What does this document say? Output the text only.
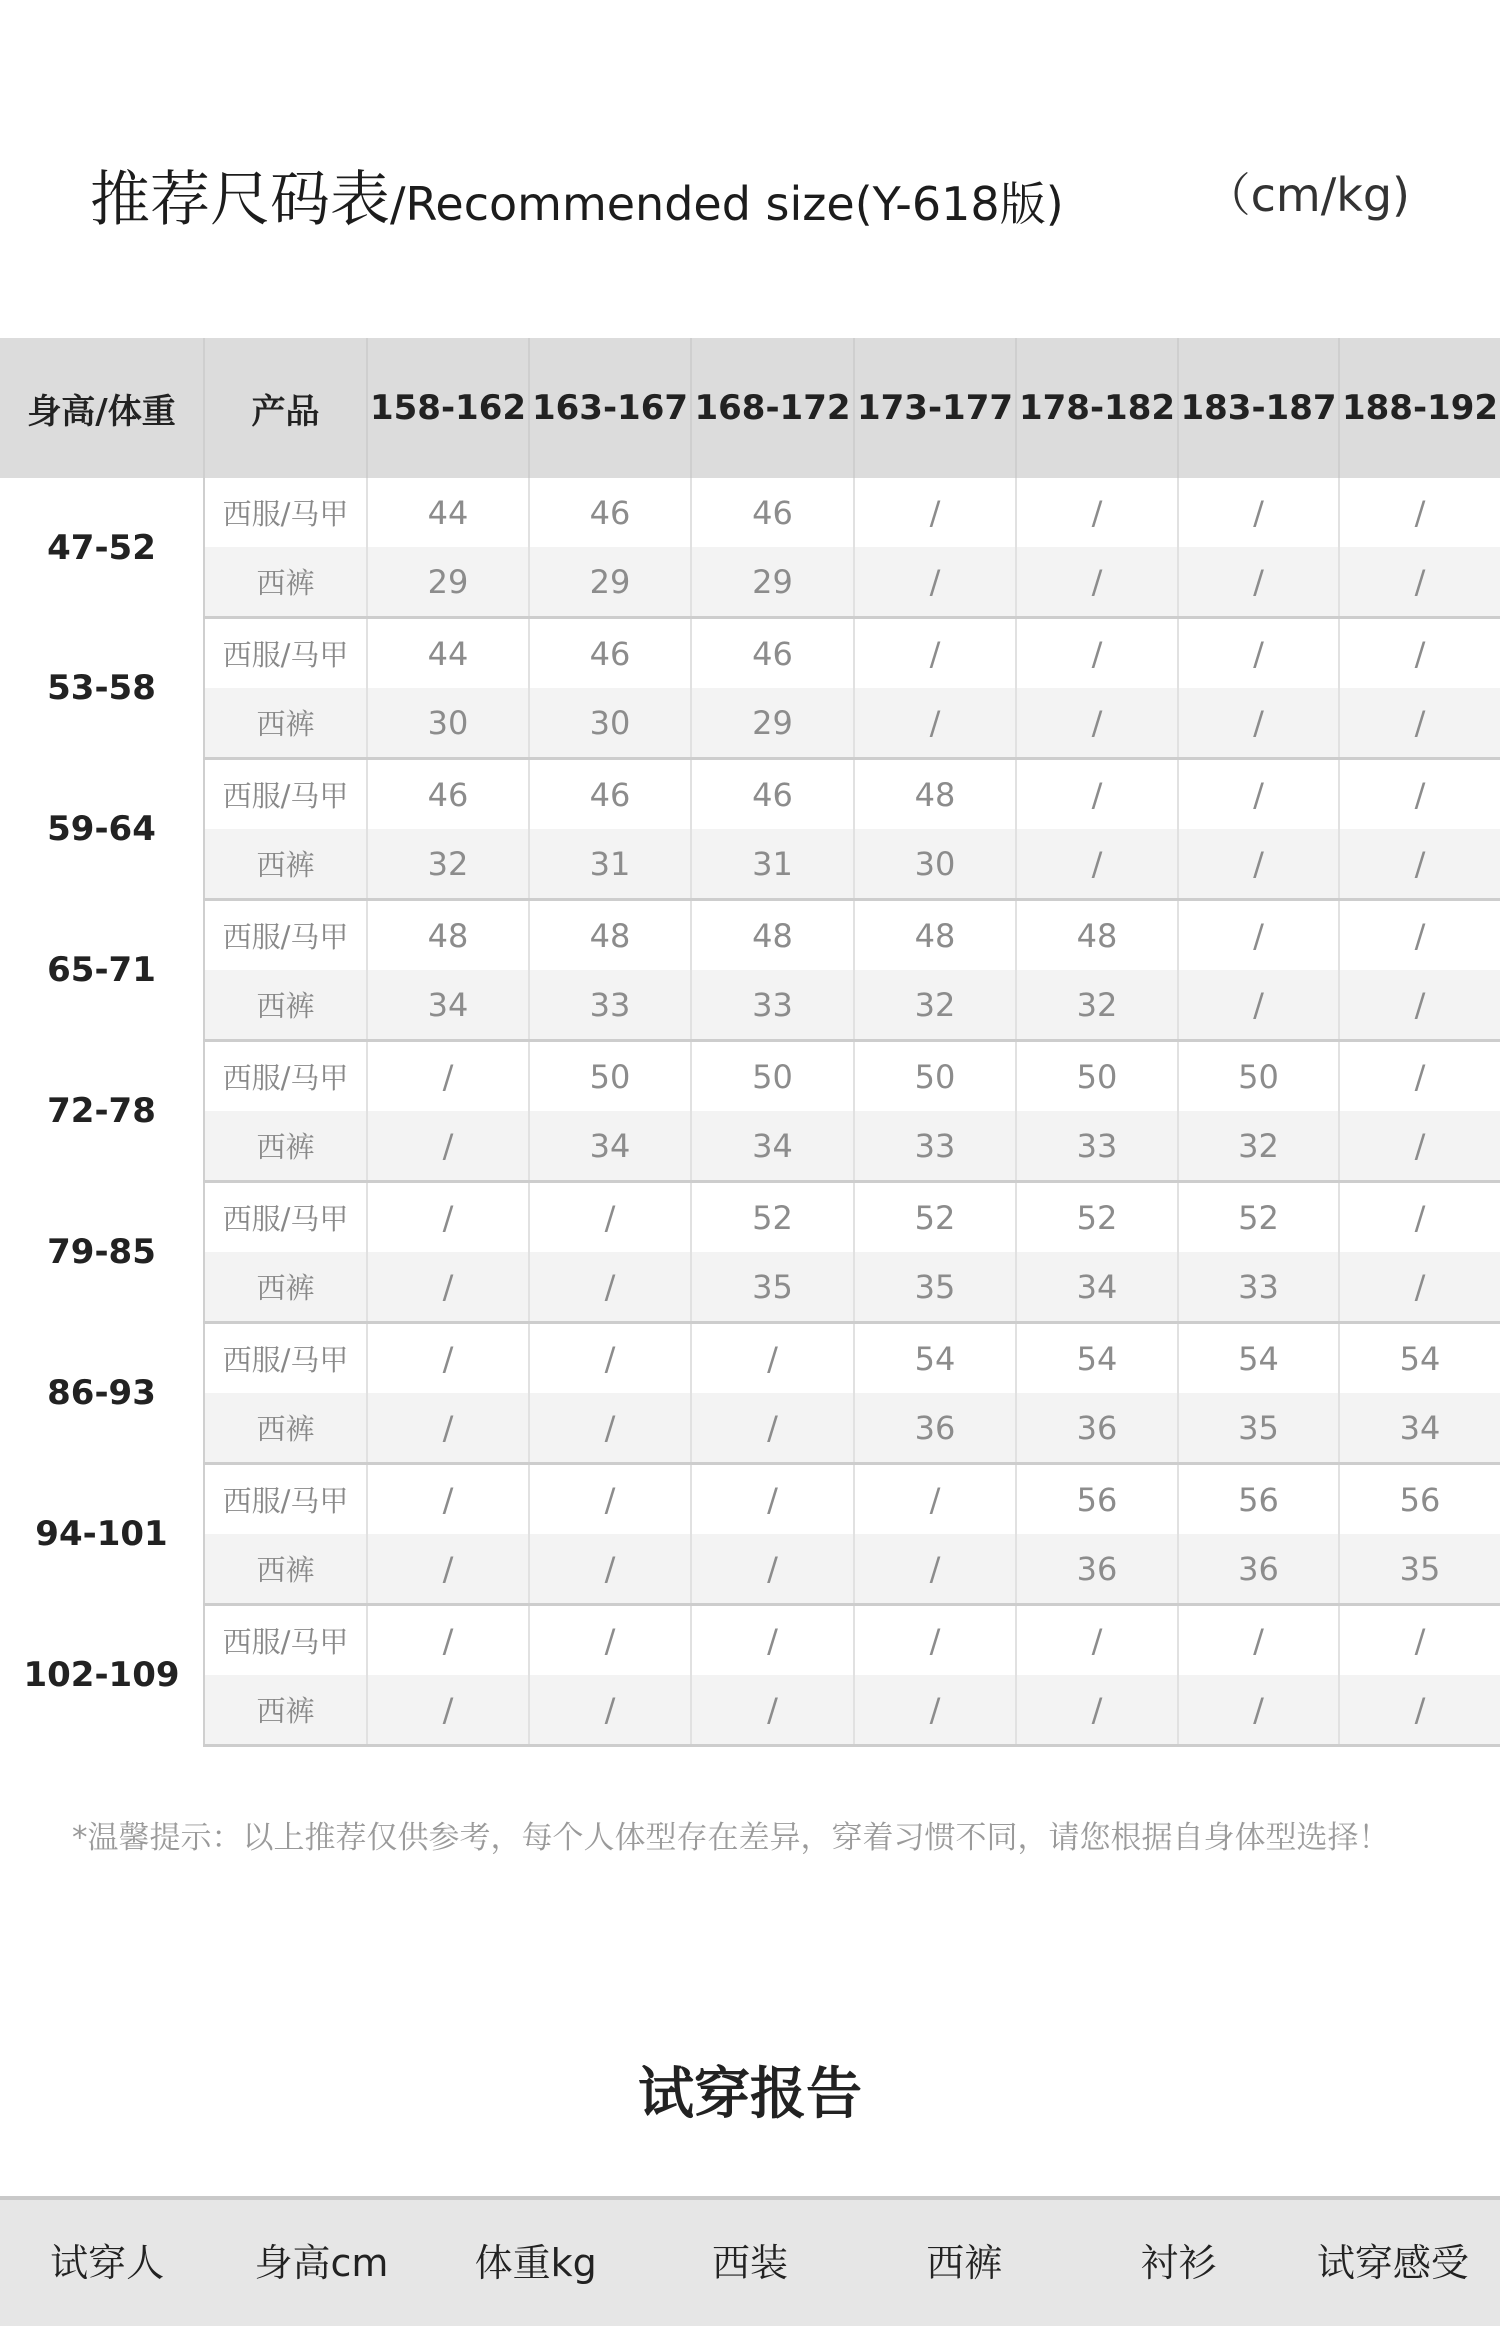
推荐尺码表/Recommended size(Y-618版)	（cm/kg)
身高/体重	产品	158-162	163-167	168-172	173-177	178-182	183-187	188-192
47-52	西服/马甲	44	46	46	/	/	/	/
	西裤	29	29	29	/	/	/	/
53-58	西服/马甲	44	46	46	/	/	/	/
	西裤	30	30	29	/	/	/	/
59-64	西服/马甲	46	46	46	48	/	/	/
	西裤	32	31	31	30	/	/	/
65-71	西服/马甲	48	48	48	48	48	/	/
	西裤	34	33	33	32	32	/	/
72-78	西服/马甲	/	50	50	50	50	50	/
	西裤	/	34	34	33	33	32	/
79-85	西服/马甲	/	/	52	52	52	52	/
	西裤	/	/	35	35	34	33	/
86-93	西服/马甲	/	/	/	54	54	54	54
	西裤	/	/	/	36	36	35	34
94-101	西服/马甲	/	/	/	/	56	56	56
	西裤	/	/	/	/	36	36	35
102-109	西服/马甲	/	/	/	/	/	/	/
	西裤	/	/	/	/	/	/	/
*温馨提示：以上推荐仅供参考，每个人体型存在差异，穿着习惯不同，请您根据自身体型选择！
试穿报告
试穿人	身高cm	体重kg	西装	西裤	衬衫	试穿感受
